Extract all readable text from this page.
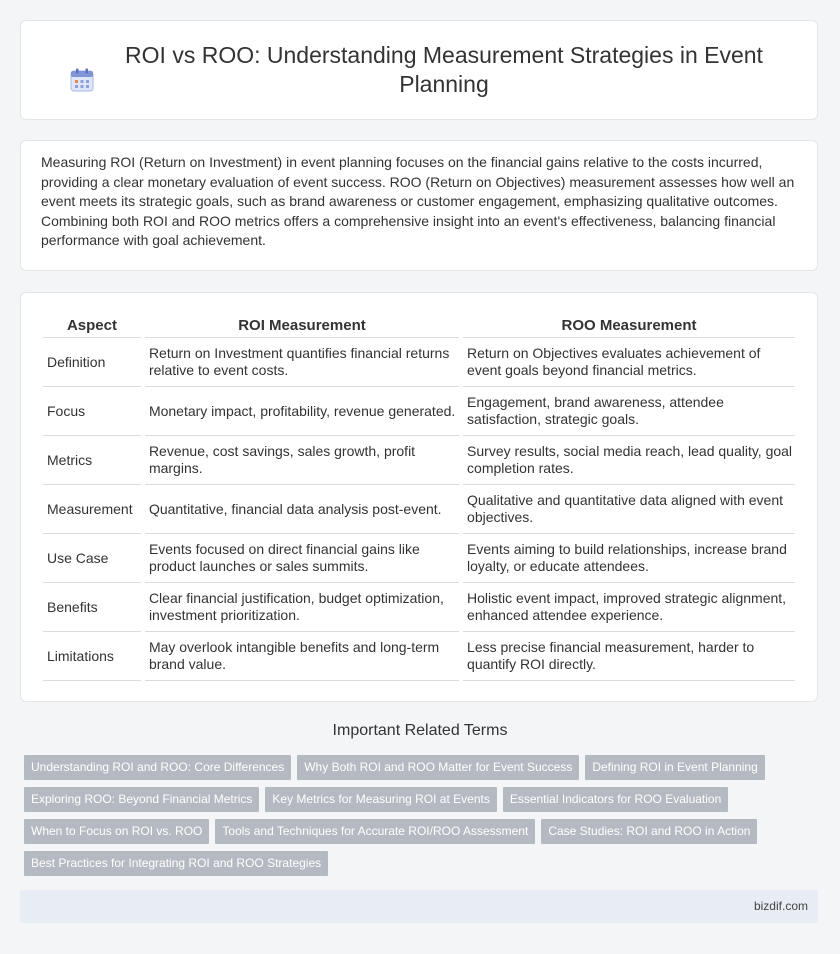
ROI vs ROO: Understanding Measurement Strategies in Event Planning

Measuring ROI (Return on Investment) in event planning focuses on the financial gains relative to the costs incurred, providing a clear monetary evaluation of event success. ROO (Return on Objectives) measurement assesses how well an event meets its strategic goals, such as brand awareness or customer engagement, emphasizing qualitative outcomes. Combining both ROI and ROO metrics offers a comprehensive insight into an event's effectiveness, balancing financial performance with goal achievement.

Aspect	ROI Measurement	ROO Measurement
Definition	Return on Investment quantifies financial returns relative to event costs.	Return on Objectives evaluates achievement of event goals beyond financial metrics.
Focus	Monetary impact, profitability, revenue generated.	Engagement, brand awareness, attendee satisfaction, strategic goals.
Metrics	Revenue, cost savings, sales growth, profit margins.	Survey results, social media reach, lead quality, goal completion rates.
Measurement	Quantitative, financial data analysis post-event.	Qualitative and quantitative data aligned with event objectives.
Use Case	Events focused on direct financial gains like product launches or sales summits.	Events aiming to build relationships, increase brand loyalty, or educate attendees.
Benefits	Clear financial justification, budget optimization, investment prioritization.	Holistic event impact, improved strategic alignment, enhanced attendee experience.
Limitations	May overlook intangible benefits and long-term brand value.	Less precise financial measurement, harder to quantify ROI directly.
Important Related Terms
Understanding ROI and ROO: Core Differences Why Both ROI and ROO Matter for Event Success Defining ROI in Event Planning
Exploring ROO: Beyond Financial Metrics Key Metrics for Measuring ROI at Events Essential Indicators for ROO Evaluation
When to Focus on ROI vs. ROO Tools and Techniques for Accurate ROI/ROO Assessment Case Studies: ROI and ROO in Action
Best Practices for Integrating ROI and ROO Strategies
bizdif.com
